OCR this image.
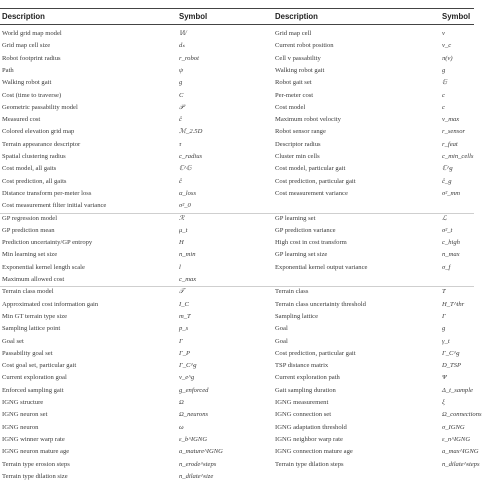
Description	Symbol	Description	Symbol
World grid map model	𝕎	Grid map cell	v
Grid map cell size	dₛ	Current robot position	v_c
Robot footprint radius	r_robot	Cell v passability	π(v)
Path	ψ	Walking robot gait	g
Walking robot gait	g	Robot gait set	𝔾
Cost (time to traverse)	C	Per-meter cost	c
Geometric passability model	𝒫	Cost model	c
Measured cost	ĉ	Maximum robot velocity	v_max
Colored elevation grid map	ℳ_2.5D	Robot sensor range	r_sensor
Terrain appearance descriptor	τ	Descriptor radius	r_feat
Spatial clustering radius	c_radius	Cluster min cells	c_min_cells
Cost model, all gaits	ℂ^𝔾	Cost model, particular gait	ℂ^g
Cost prediction, all gaits	ĉ	Cost prediction, particular gait	ĉ_g
Distance transform per-meter loss	α_loss	Cost measurement variance	σ²_mm
Cost measurement filter initial variance	σ²_0
GP regression model	ℛ	GP learning set	ℒ
GP prediction mean	μ_t	GP prediction variance	σ²_t
Prediction uncertainty/GP entropy	H	High cost in cost transform	c_high
Min learning set size	n_min	GP learning set size	n_max
Exponential kernel length scale	l	Exponential kernel output variance	σ_f
Maximum allowed cost	c_max
Terrain class model	𝒯	Terrain class	T
Approximated cost information gain	I_C	Terrain class uncertainty threshold	H_T^thr
Min GT terrain type size	m_T	Sampling lattice	Γ
Sampling lattice point	p_s	Goal	g
Goal set	Γ	Goal	γ_t
Passability goal set	Γ_P	Cost prediction, particular gait	Γ_C^g
Cost goal set, particular gait	Γ_C^g	TSP distance matrix	D_TSP
Current exploration goal	v_e^g	Current exploration path	Ψ
Enforced sampling gait	g_enforced	Gait sampling duration	Δ_t_sample
IGNG structure	Ω	IGNG measurement	ξ
IGNG neuron set	Ω_neurons	IGNG connection set	Ω_connections
IGNG neuron	ω	IGNG adaptation threshold	σ_IGNG
IGNG winner warp rate	ε_b^IGNG	IGNG neighbor warp rate	ε_n^IGNG
IGNG neuron mature age	a_mature^IGNG	IGNG connection mature age	a_max^IGNG
Terrain type erosion steps	n_erode^steps	Terrain type dilation steps	n_dilate^steps
Terrain type dilation size	n_dilate^size
